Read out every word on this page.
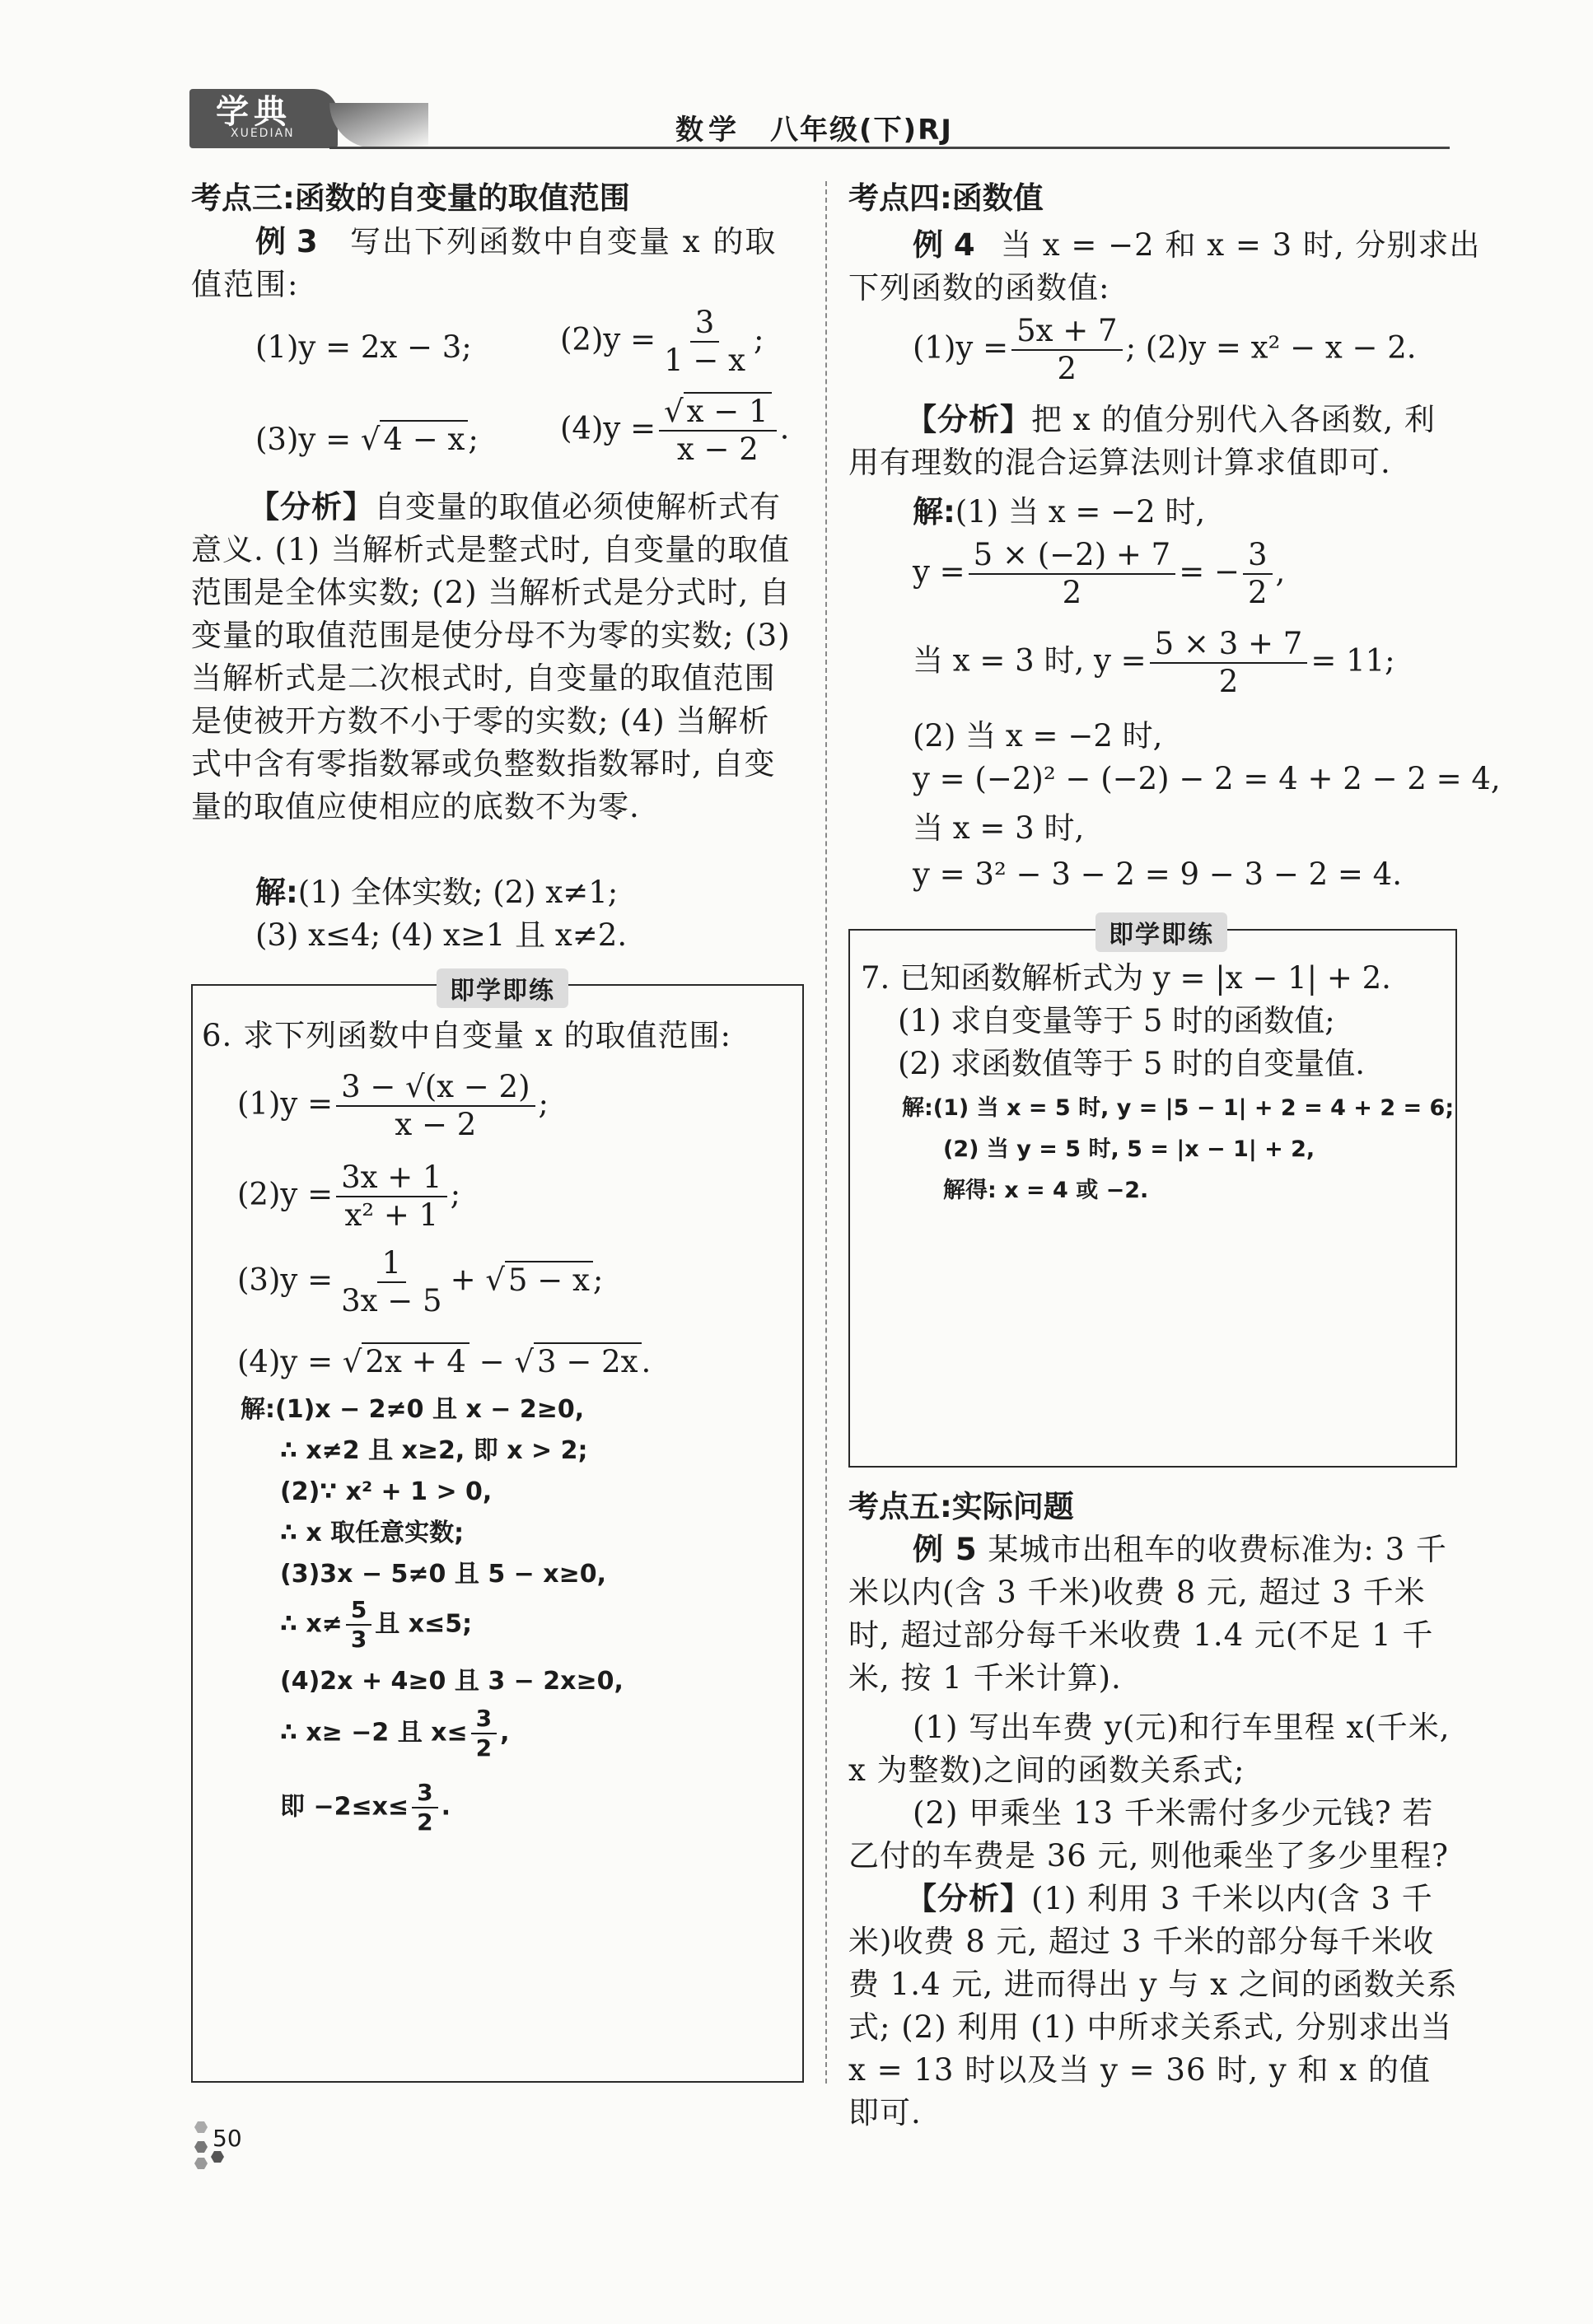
学典
XUEDIAN	数学 八年级(下)RJ
考点三:函数的自变量的取值范围
例 3 写出下列函数中自变量 x 的取
值范围:
(1)y = 2x − 3;	$(2)y = \frac{3}{1 - x}$ ;
(3)y = √ 4 − x ;	$(4)y = \frac{√ x - 1}{x - 2}$ .
【分析】自变量的取值必须使解析式有意义. (1) 当解析式是整式时, 自变量的取值范围是全体实数; (2) 当解析式是分式时, 自变量的取值范围是使分母不为零的实数; (3) 当解析式是二次根式时, 自变量的取值范围是使被开方数不小于零的实数; (4) 当解析式中含有零指数幂或负整数指数幂时, 自变量的取值应使相应的底数不为零.
解:(1) 全体实数; (2) x≠1;
(3) x≤4; (4) x≥1 且 x≠2.
即学即练
6. 求下列函数中自变量 x 的取值范围:
$(1)y = \frac{3 - √(x - 2)}{x - 2}$ ;
$(2)y = \frac{3x + 1}{\text{x² + 1}}$ ;
$(3)y = \frac{1}{3x - 5}$ + √ 5 − x ;
(4)y = √ 2x + 4 − √ 3 − 2x .
解:(1)x − 2≠0 且 x − 2≥0,
∴ x≠2 且 x≥2, 即 x > 2;
(2)∵ x² + 1 > 0,
∴ x 取任意实数;
(3)3x − 5≠0 且 5 − x≥0,
∴ $x\ne \frac{5}{3}$ 且 x≤5;
(4)2x + 4≥0 且 3 − 2x≥0,
∴ x≥ −2 且 $x\le \frac{3}{2}$ ,
即 $-2\le x\le \frac{3}{2}$ .
考点四:函数值
例 4 当 x = −2 和 x = 3 时, 分别求出
下列函数的函数值:
$(1)y = \frac{5x + 7}{2}$ ; (2)y = x² − x − 2.
【分析】把 x 的值分别代入各函数, 利用有理数的混合运算法则计算求值即可.
解:(1) 当 x = −2 时,
$y = \frac{5 \times (-2) + 7}{2}$ = − $\frac{3}{2}$ ,
当 x = 3 时, $y = \frac{5 \times 3 + 7}{2} = 11$;
(2) 当 x = −2 时,
y = (−2)² − (−2) − 2 = 4 + 2 − 2 = 4,
当 x = 3 时,
y = 3² − 3 − 2 = 9 − 3 − 2 = 4.
即学即练
7. 已知函数解析式为 y = |x − 1| + 2.
(1) 求自变量等于 5 时的函数值;
(2) 求函数值等于 5 时的自变量值.
解:(1) 当 x = 5 时, y = |5 − 1| + 2 = 4 + 2 = 6;
(2) 当 y = 5 时, 5 = |x − 1| + 2,
解得: x = 4 或 −2.
考点五:实际问题
例 5 某城市出租车的收费标准为: 3 千米以内(含 3 千米)收费 8 元, 超过 3 千米时, 超过部分每千米收费 1.4 元(不足 1 千米, 按 1 千米计算).
(1) 写出车费 y(元)和行车里程 x(千米, x 为整数)之间的函数关系式;
(2) 甲乘坐 13 千米需付多少元钱? 若乙付的车费是 36 元, 则他乘坐了多少里程?
【分析】(1) 利用 3 千米以内(含 3 千米)收费 8 元, 超过 3 千米的部分每千米收费 1.4 元, 进而得出 y 与 x 之间的函数关系式; (2) 利用 (1) 中所求关系式, 分别求出当 x = 13 时以及当 y = 36 时, y 和 x 的值即可.
50
